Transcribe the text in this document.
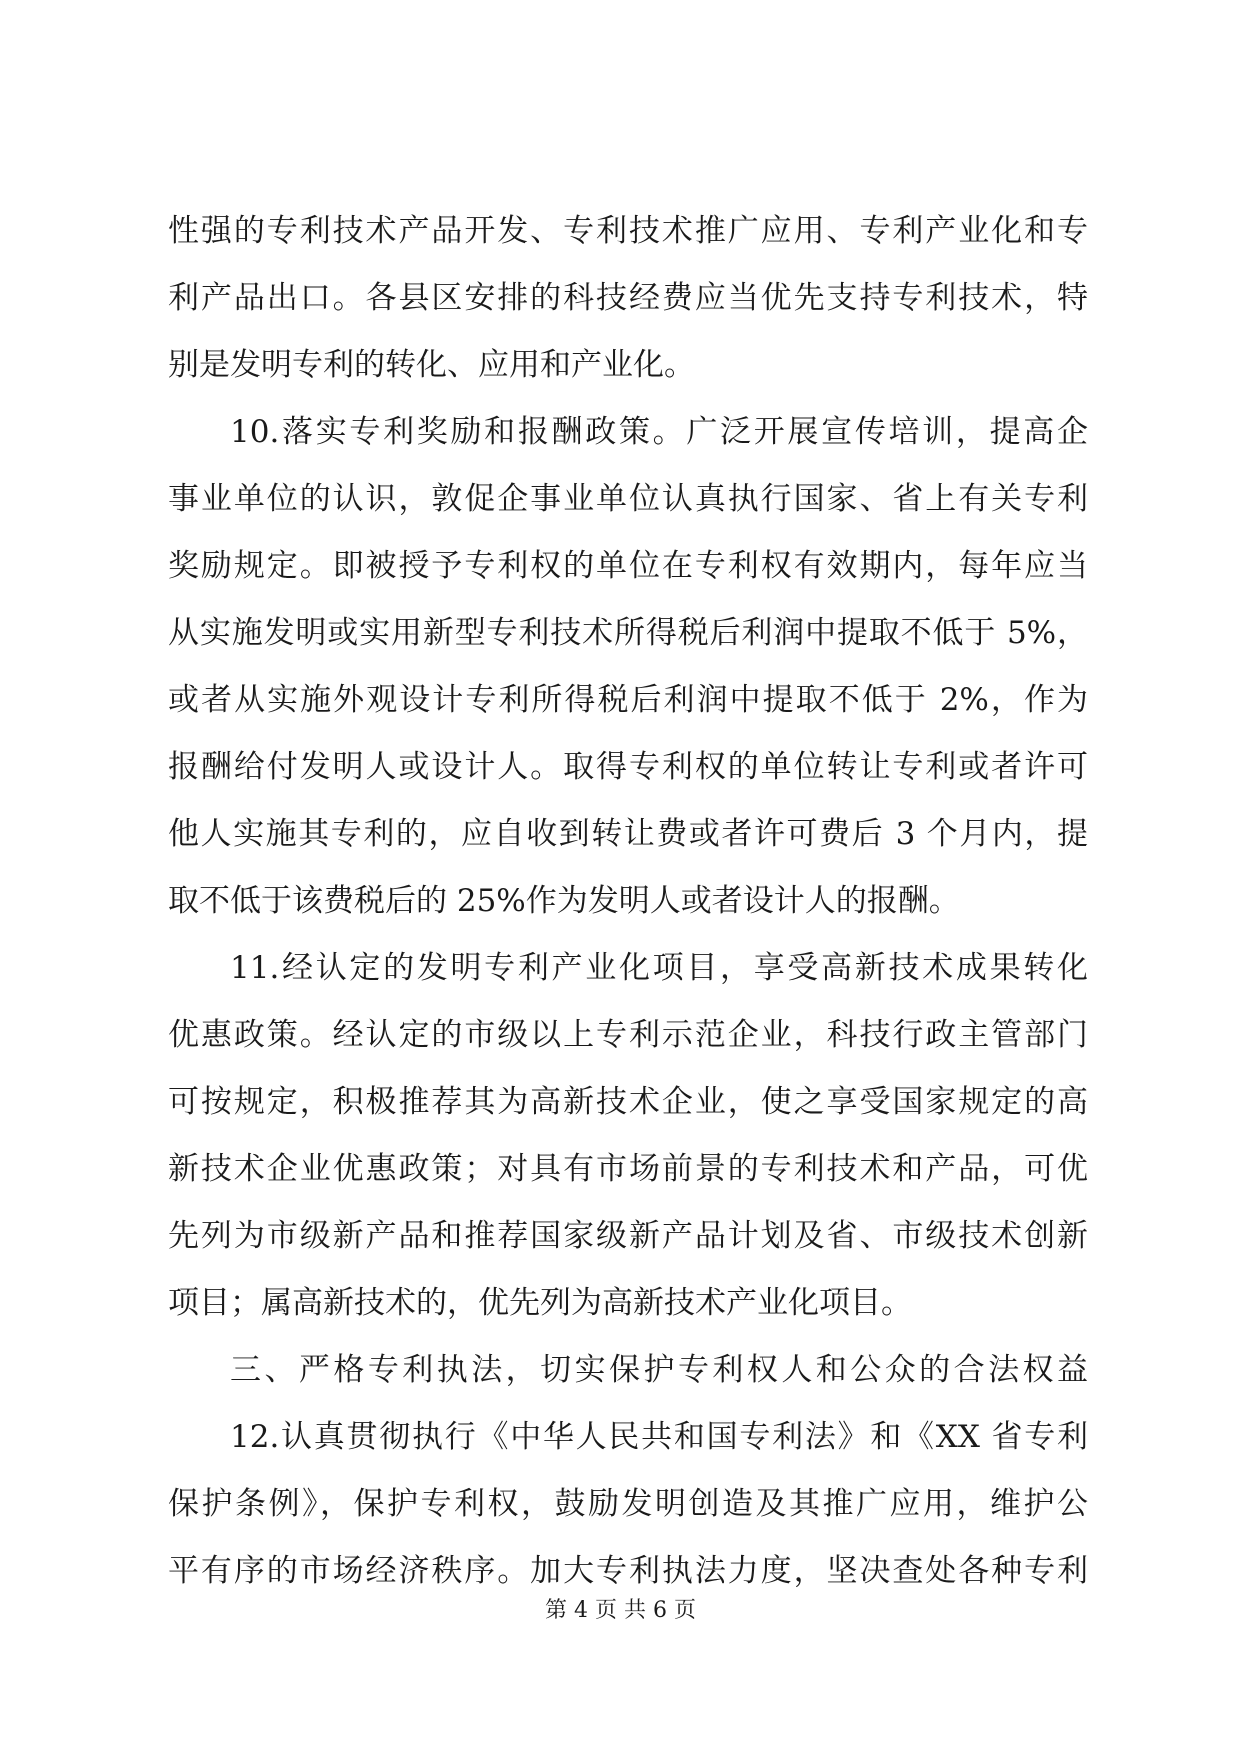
性强的专利技术产品开发、专利技术推广应用、专利产业化和专
利产品出口。各县区安排的科技经费应当优先支持专利技术，特
别是发明专利的转化、应用和产业化。
10.落实专利奖励和报酬政策。广泛开展宣传培训，提高企
事业单位的认识，敦促企事业单位认真执行国家、省上有关专利
奖励规定。即被授予专利权的单位在专利权有效期内，每年应当
从实施发明或实用新型专利技术所得税后利润中提取不低于 5%，
或者从实施外观设计专利所得税后利润中提取不低于 2%，作为
报酬给付发明人或设计人。取得专利权的单位转让专利或者许可
他人实施其专利的，应自收到转让费或者许可费后 3 个月内，提
取不低于该费税后的 25%作为发明人或者设计人的报酬。
11.经认定的发明专利产业化项目，享受高新技术成果转化
优惠政策。经认定的市级以上专利示范企业，科技行政主管部门
可按规定，积极推荐其为高新技术企业，使之享受国家规定的高
新技术企业优惠政策；对具有市场前景的专利技术和产品，可优
先列为市级新产品和推荐国家级新产品计划及省、市级技术创新
项目；属高新技术的，优先列为高新技术产业化项目。
三、严格专利执法，切实保护专利权人和公众的合法权益
12.认真贯彻执行《中华人民共和国专利法》和《XX 省专利
保护条例》，保护专利权，鼓励发明创造及其推广应用，维护公
平有序的市场经济秩序。加大专利执法力度，坚决查处各种专利
第 4 页 共 6 页
